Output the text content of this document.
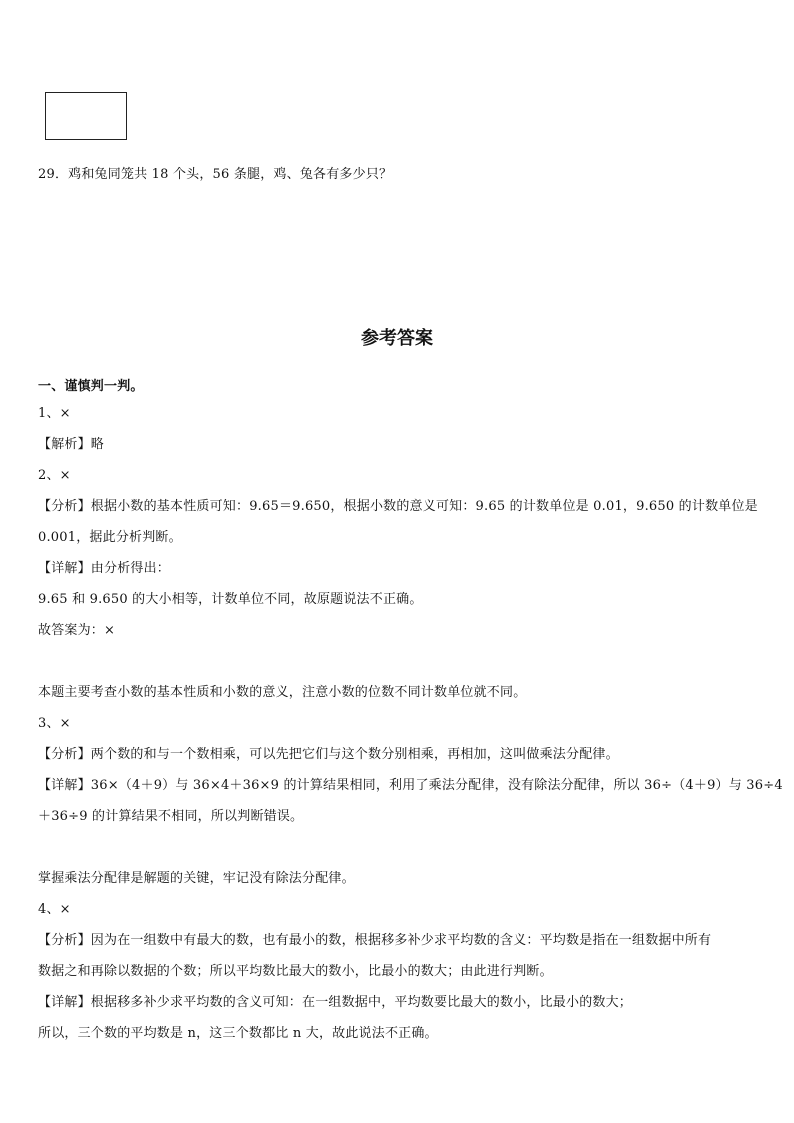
29．鸡和兔同笼共 18 个头，56 条腿，鸡、兔各有多少只？
参考答案
一、谨慎判一判。
1、×
【解析】略
2、×
【分析】根据小数的基本性质可知：9.65＝9.650，根据小数的意义可知：9.65 的计数单位是 0.01，9.650 的计数单位是
0.001，据此分析判断。
【详解】由分析得出：
9.65 和 9.650 的大小相等，计数单位不同，故原题说法不正确。
故答案为：×
本题主要考查小数的基本性质和小数的意义，注意小数的位数不同计数单位就不同。
3、×
【分析】两个数的和与一个数相乘，可以先把它们与这个数分别相乘，再相加，这叫做乘法分配律。
【详解】36×（4＋9）与 36×4＋36×9 的计算结果相同，利用了乘法分配律，没有除法分配律，所以 36÷（4＋9）与 36÷4
＋36÷9 的计算结果不相同，所以判断错误。
掌握乘法分配律是解题的关键，牢记没有除法分配律。
4、×
【分析】因为在一组数中有最大的数，也有最小的数，根据移多补少求平均数的含义：平均数是指在一组数据中所有
数据之和再除以数据的个数；所以平均数比最大的数小，比最小的数大；由此进行判断。
【详解】根据移多补少求平均数的含义可知：在一组数据中，平均数要比最大的数小，比最小的数大；
所以，三个数的平均数是 n，这三个数都比 n 大，故此说法不正确。
